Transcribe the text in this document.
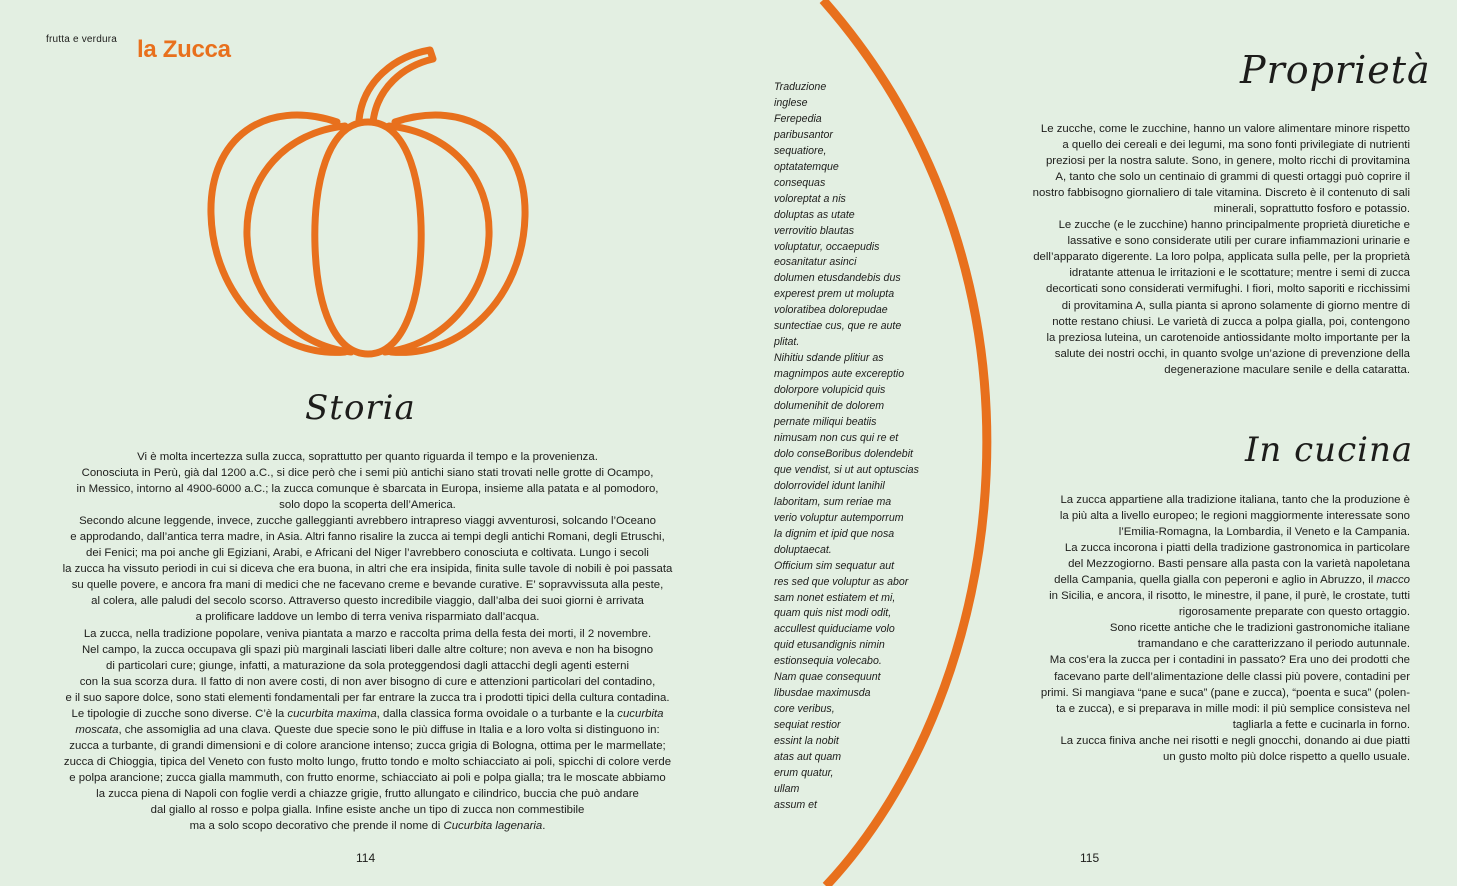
frutta e verdura la Zucca
Storia
Proprietà
In cucina

Vi è molta incertezza sulla zucca, soprattutto per quanto riguarda il tempo e la provenienza.

Conosciuta in Perù, già dal 1200 a.C., si dice però che i semi più antichi siano stati trovati nelle grotte di Ocampo,

in Messico, intorno al 4900-6000 a.C.; la zucca comunque è sbarcata in Europa, insieme alla patata e al pomodoro,

solo dopo la scoperta dell’America.

Secondo alcune leggende, invece, zucche galleggianti avrebbero intrapreso viaggi avventurosi, solcando l’Oceano

e approdando, dall’antica terra madre, in Asia. Altri fanno risalire la zucca ai tempi degli antichi Romani, degli Etruschi,

dei Fenici; ma poi anche gli Egiziani, Arabi, e Africani del Niger l’avrebbero conosciuta e coltivata. Lungo i secoli

la zucca ha vissuto periodi in cui si diceva che era buona, in altri che era insipida, finita sulle tavole di nobili è poi passata

su quelle povere, e ancora fra mani di medici che ne facevano creme e bevande curative. E’ sopravvissuta alla peste,

al colera, alle paludi del secolo scorso. Attraverso questo incredibile viaggio, dall’alba dei suoi giorni è arrivata

a prolificare laddove un lembo di terra veniva risparmiato dall’acqua.

La zucca, nella tradizione popolare, veniva piantata a marzo e raccolta prima della festa dei morti, il 2 novembre.

Nel campo, la zucca occupava gli spazi più marginali lasciati liberi dalle altre colture; non aveva e non ha bisogno

di particolari cure; giunge, infatti, a maturazione da sola proteggendosi dagli attacchi degli agenti esterni

con la sua scorza dura. Il fatto di non avere costi, di non aver bisogno di cure e attenzioni particolari del contadino,

e il suo sapore dolce, sono stati elementi fondamentali per far entrare la zucca tra i prodotti tipici della cultura contadina.

Le tipologie di zucche sono diverse. C’è la cucurbita maxima, dalla classica forma ovoidale o a turbante e la cucurbita

moscata, che assomiglia ad una clava. Queste due specie sono le più diffuse in Italia e a loro volta si distinguono in:

zucca a turbante, di grandi dimensioni e di colore arancione intenso; zucca grigia di Bologna, ottima per le marmellate;

zucca di Chioggia, tipica del Veneto con fusto molto lungo, frutto tondo e molto schiacciato ai poli, spicchi di colore verde

e polpa arancione; zucca gialla mammuth, con frutto enorme, schiacciato ai poli e polpa gialla; tra le moscate abbiamo

la zucca piena di Napoli con foglie verdi a chiazze grigie, frutto allungato e cilindrico, buccia che può andare

dal giallo al rosso e polpa gialla. Infine esiste anche un tipo di zucca non commestibile

ma a solo scopo decorativo che prende il nome di Cucurbita lagenaria.

Traduzione
inglese
Ferepedia
paribusantor
sequatiore,
optatatemque
consequas
voloreptat a nis
doluptas as utate
verrovitio blautas
voluptatur, occaepudis
eosanitatur asinci
dolumen etusdandebis dus
experest prem ut molupta
voloratibea dolorepudae
suntectiae cus, que re aute
plitat.
Nihitiu sdande plitiur as
magnimpos aute excereptio
dolorpore volupicid quis
dolumenihit de dolorem
pernate miliqui beatiis
nimusam non cus qui re et
dolo conseBoribus dolendebit
que vendist, si ut aut optuscias
dolorrovidel idunt lanihil
laboritam, sum reriae ma
verio voluptur autemporrum
la dignim et ipid que nosa
doluptaecat.
Officium sim sequatur aut
res sed que voluptur as abor
sam nonet estiatem et mi,
quam quis nist modi odit,
accullest quiduciame volo
quid etusandignis nimin
estionsequia volecabo.
Nam quae consequunt
libusdae maximusda
core veribus,
sequiat restior
essint la nobit
atas aut quam
erum quatur,
ullam
assum et

Le zucche, come le zucchine, hanno un valore alimentare minore rispetto

a quello dei cereali e dei legumi, ma sono fonti privilegiate di nutrienti

preziosi per la nostra salute. Sono, in genere, molto ricchi di provitamina

A, tanto che solo un centinaio di grammi di questi ortaggi può coprire il

nostro fabbisogno giornaliero di tale vitamina. Discreto è il contenuto di sali

minerali, soprattutto fosforo e potassio.

Le zucche (e le zucchine) hanno principalmente proprietà diuretiche e

lassative e sono considerate utili per curare infiammazioni urinarie e

dell’apparato digerente. La loro polpa, applicata sulla pelle, per la proprietà

idratante attenua le irritazioni e le scottature; mentre i semi di zucca

decorticati sono considerati vermifughi. I fiori, molto saporiti e ricchissimi

di provitamina A, sulla pianta si aprono solamente di giorno mentre di

notte restano chiusi. Le varietà di zucca a polpa gialla, poi, contengono

la preziosa luteina, un carotenoide antiossidante molto importante per la

salute dei nostri occhi, in quanto svolge un’azione di prevenzione della

degenerazione maculare senile e della cataratta.

La zucca appartiene alla tradizione italiana, tanto che la produzione è

la più alta a livello europeo; le regioni maggiormente interessate sono

l’Emilia-Romagna, la Lombardia, il Veneto e la Campania.

La zucca incorona i piatti della tradizione gastronomica in particolare

del Mezzogiorno. Basti pensare alla pasta con la varietà napoletana

della Campania, quella gialla con peperoni e aglio in Abruzzo, il macco

in Sicilia, e ancora, il risotto, le minestre, il pane, il purè, le crostate, tutti

rigorosamente preparate con questo ortaggio.

Sono ricette antiche che le tradizioni gastronomiche italiane

tramandano e che caratterizzano il periodo autunnale.

Ma cos’era la zucca per i contadini in passato? Era uno dei prodotti che

facevano parte dell’alimentazione delle classi più povere, contadini per

primi. Si mangiava “pane e suca” (pane e zucca), “poenta e suca” (polen-

ta e zucca), e si preparava in mille modi: il più semplice consisteva nel

tagliarla a fette e cucinarla in forno.

La zucca finiva anche nei risotti e negli gnocchi, donando ai due piatti

un gusto molto più dolce rispetto a quello usuale.

114	115
